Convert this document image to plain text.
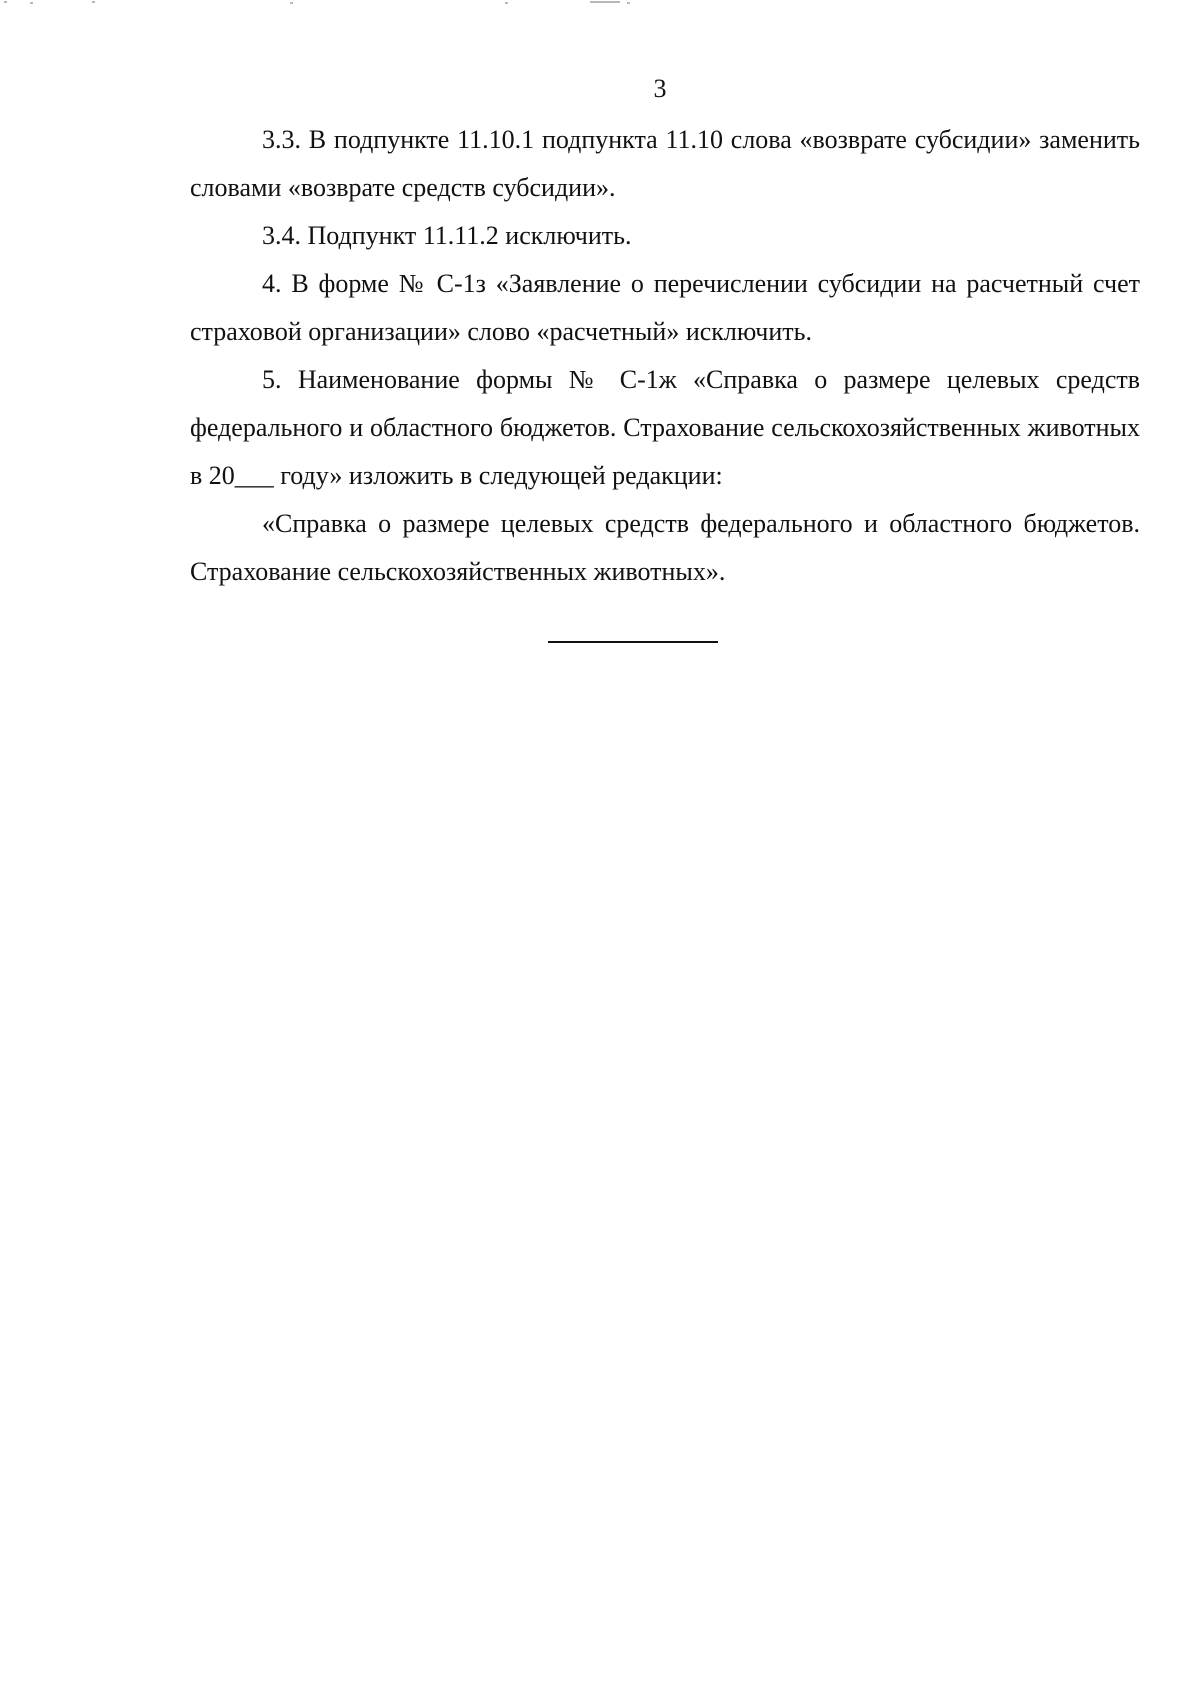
3

3.3. В подпункте 11.10.1 подпункта 11.10 слова «возврате субсидии» заменить словами «возврате средств субсидии».

3.4. Подпункт 11.11.2 исключить.

4. В форме № С-1з «Заявление о перечислении субсидии на расчетный счет страховой организации» слово «расчетный» исключить.

5. Наименование формы № С-1ж «Справка о размере целевых средств федерального и областного бюджетов. Страхование сельскохозяйственных животных в 20___ году» изложить в следующей редакции:

«Справка о размере целевых средств федерального и областного бюджетов. Страхование сельскохозяйственных животных».
